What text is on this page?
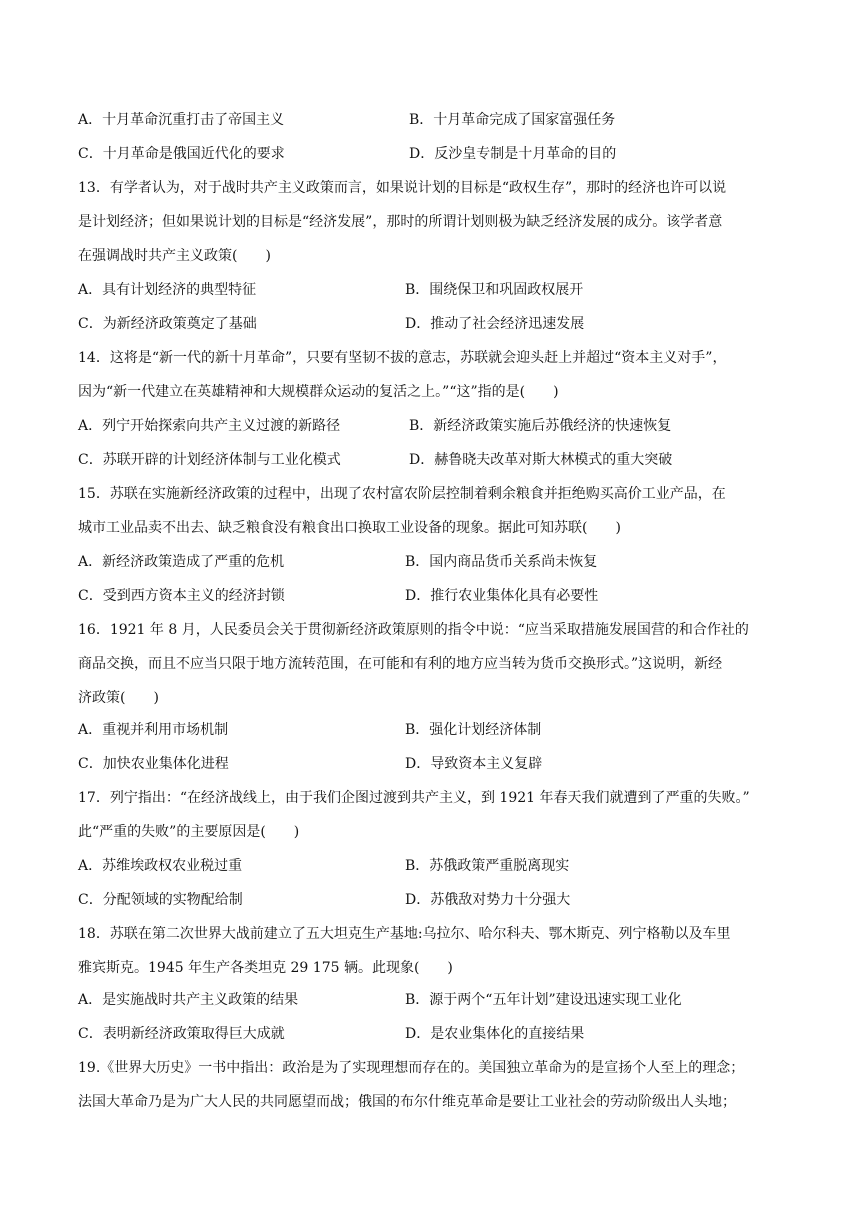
A．十月革命沉重打击了帝国主义	B．十月革命完成了国家富强任务
C．十月革命是俄国近代化的要求	D．反沙皇专制是十月革命的目的
13．有学者认为，对于战时共产主义政策而言，如果说计划的目标是“政权生存”，那时的经济也许可以说
是计划经济；但如果说计划的目标是“经济发展”，那时的所谓计划则极为缺乏经济发展的成分。该学者意
在强调战时共产主义政策(　　)
A．具有计划经济的典型特征	B．围绕保卫和巩固政权展开
C．为新经济政策奠定了基础	D．推动了社会经济迅速发展
14．这将是“新一代的新十月革命”，只要有坚韧不拔的意志，苏联就会迎头赶上并超过“资本主义对手”，
因为“新一代建立在英雄精神和大规模群众运动的复活之上。”“这”指的是(　　)
A．列宁开始探索向共产主义过渡的新路径	B．新经济政策实施后苏俄经济的快速恢复
C．苏联开辟的计划经济体制与工业化模式	D．赫鲁晓夫改革对斯大林模式的重大突破
15．苏联在实施新经济政策的过程中，出现了农村富农阶层控制着剩余粮食并拒绝购买高价工业产品，在
城市工业品卖不出去、缺乏粮食没有粮食出口换取工业设备的现象。据此可知苏联(　　)
A．新经济政策造成了严重的危机	B．国内商品货币关系尚未恢复
C．受到西方资本主义的经济封锁	D．推行农业集体化具有必要性
16．1921 年 8 月，人民委员会关于贯彻新经济政策原则的指令中说：“应当采取措施发展国营的和合作社的
商品交换，而且不应当只限于地方流转范围，在可能和有利的地方应当转为货币交换形式。”这说明，新经
济政策(　　)
A．重视并利用市场机制	B．强化计划经济体制
C．加快农业集体化进程	D．导致资本主义复辟
17．列宁指出：“在经济战线上，由于我们企图过渡到共产主义，到 1921 年春天我们就遭到了严重的失败。”
此“严重的失败”的主要原因是(　　)
A．苏维埃政权农业税过重	B．苏俄政策严重脱离现实
C．分配领域的实物配给制	D．苏俄敌对势力十分强大
18．苏联在第二次世界大战前建立了五大坦克生产基地:乌拉尔、哈尔科夫、鄂木斯克、列宁格勒以及车里
雅宾斯克。1945 年生产各类坦克 29 175 辆。此现象(　　)
A．是实施战时共产主义政策的结果	B．源于两个“五年计划”建设迅速实现工业化
C．表明新经济政策取得巨大成就	D．是农业集体化的直接结果
19.《世界大历史》一书中指出：政治是为了实现理想而存在的。美国独立革命为的是宣扬个人至上的理念；
法国大革命乃是为广大人民的共同愿望而战；俄国的布尔什维克革命是要让工业社会的劳动阶级出人头地；
